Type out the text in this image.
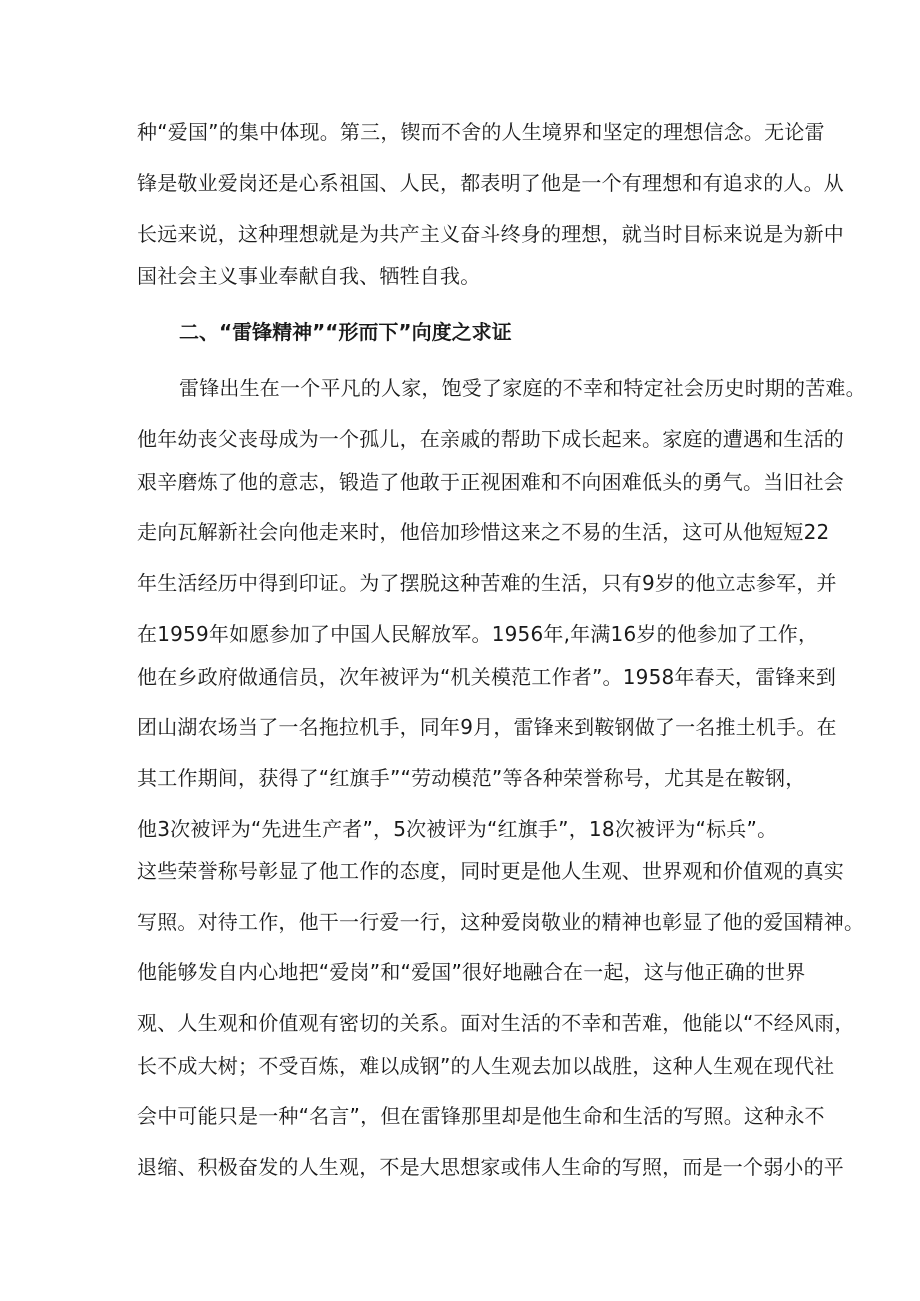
种“爱国”的集中体现。第三，锲而不舍的人生境界和坚定的理想信念。无论雷
锋是敬业爱岗还是心系祖国、人民，都表明了他是一个有理想和有追求的人。从
长远来说，这种理想就是为共产主义奋斗终身的理想，就当时目标来说是为新中
国社会主义事业奉献自我、牺牲自我。
二、“雷锋精神”“形而下”向度之求证
雷锋出生在一个平凡的人家，饱受了家庭的不幸和特定社会历史时期的苦难。
他年幼丧父丧母成为一个孤儿，在亲戚的帮助下成长起来。家庭的遭遇和生活的
艰辛磨炼了他的意志，锻造了他敢于正视困难和不向困难低头的勇气。当旧社会
走向瓦解新社会向他走来时，他倍加珍惜这来之不易的生活，这可从他短短22
年生活经历中得到印证。为了摆脱这种苦难的生活，只有9岁的他立志参军，并
在1959年如愿参加了中国人民解放军。1956年,年满16岁的他参加了工作，
他在乡政府做通信员，次年被评为“机关模范工作者”。1958年春天，雷锋来到
团山湖农场当了一名拖拉机手，同年9月，雷锋来到鞍钢做了一名推土机手。在
其工作期间，获得了“红旗手”“劳动模范”等各种荣誉称号，尤其是在鞍钢，
他3次被评为“先进生产者”，5次被评为“红旗手”，18次被评为“标兵”。
这些荣誉称号彰显了他工作的态度，同时更是他人生观、世界观和价值观的真实
写照。对待工作，他干一行爱一行，这种爱岗敬业的精神也彰显了他的爱国精神。
他能够发自内心地把“爱岗”和“爱国”很好地融合在一起，这与他正确的世界
观、人生观和价值观有密切的关系。面对生活的不幸和苦难，他能以“不经风雨，
长不成大树；不受百炼，难以成钢”的人生观去加以战胜，这种人生观在现代社
会中可能只是一种“名言”，但在雷锋那里却是他生命和生活的写照。这种永不
退缩、积极奋发的人生观，不是大思想家或伟人生命的写照，而是一个弱小的平
